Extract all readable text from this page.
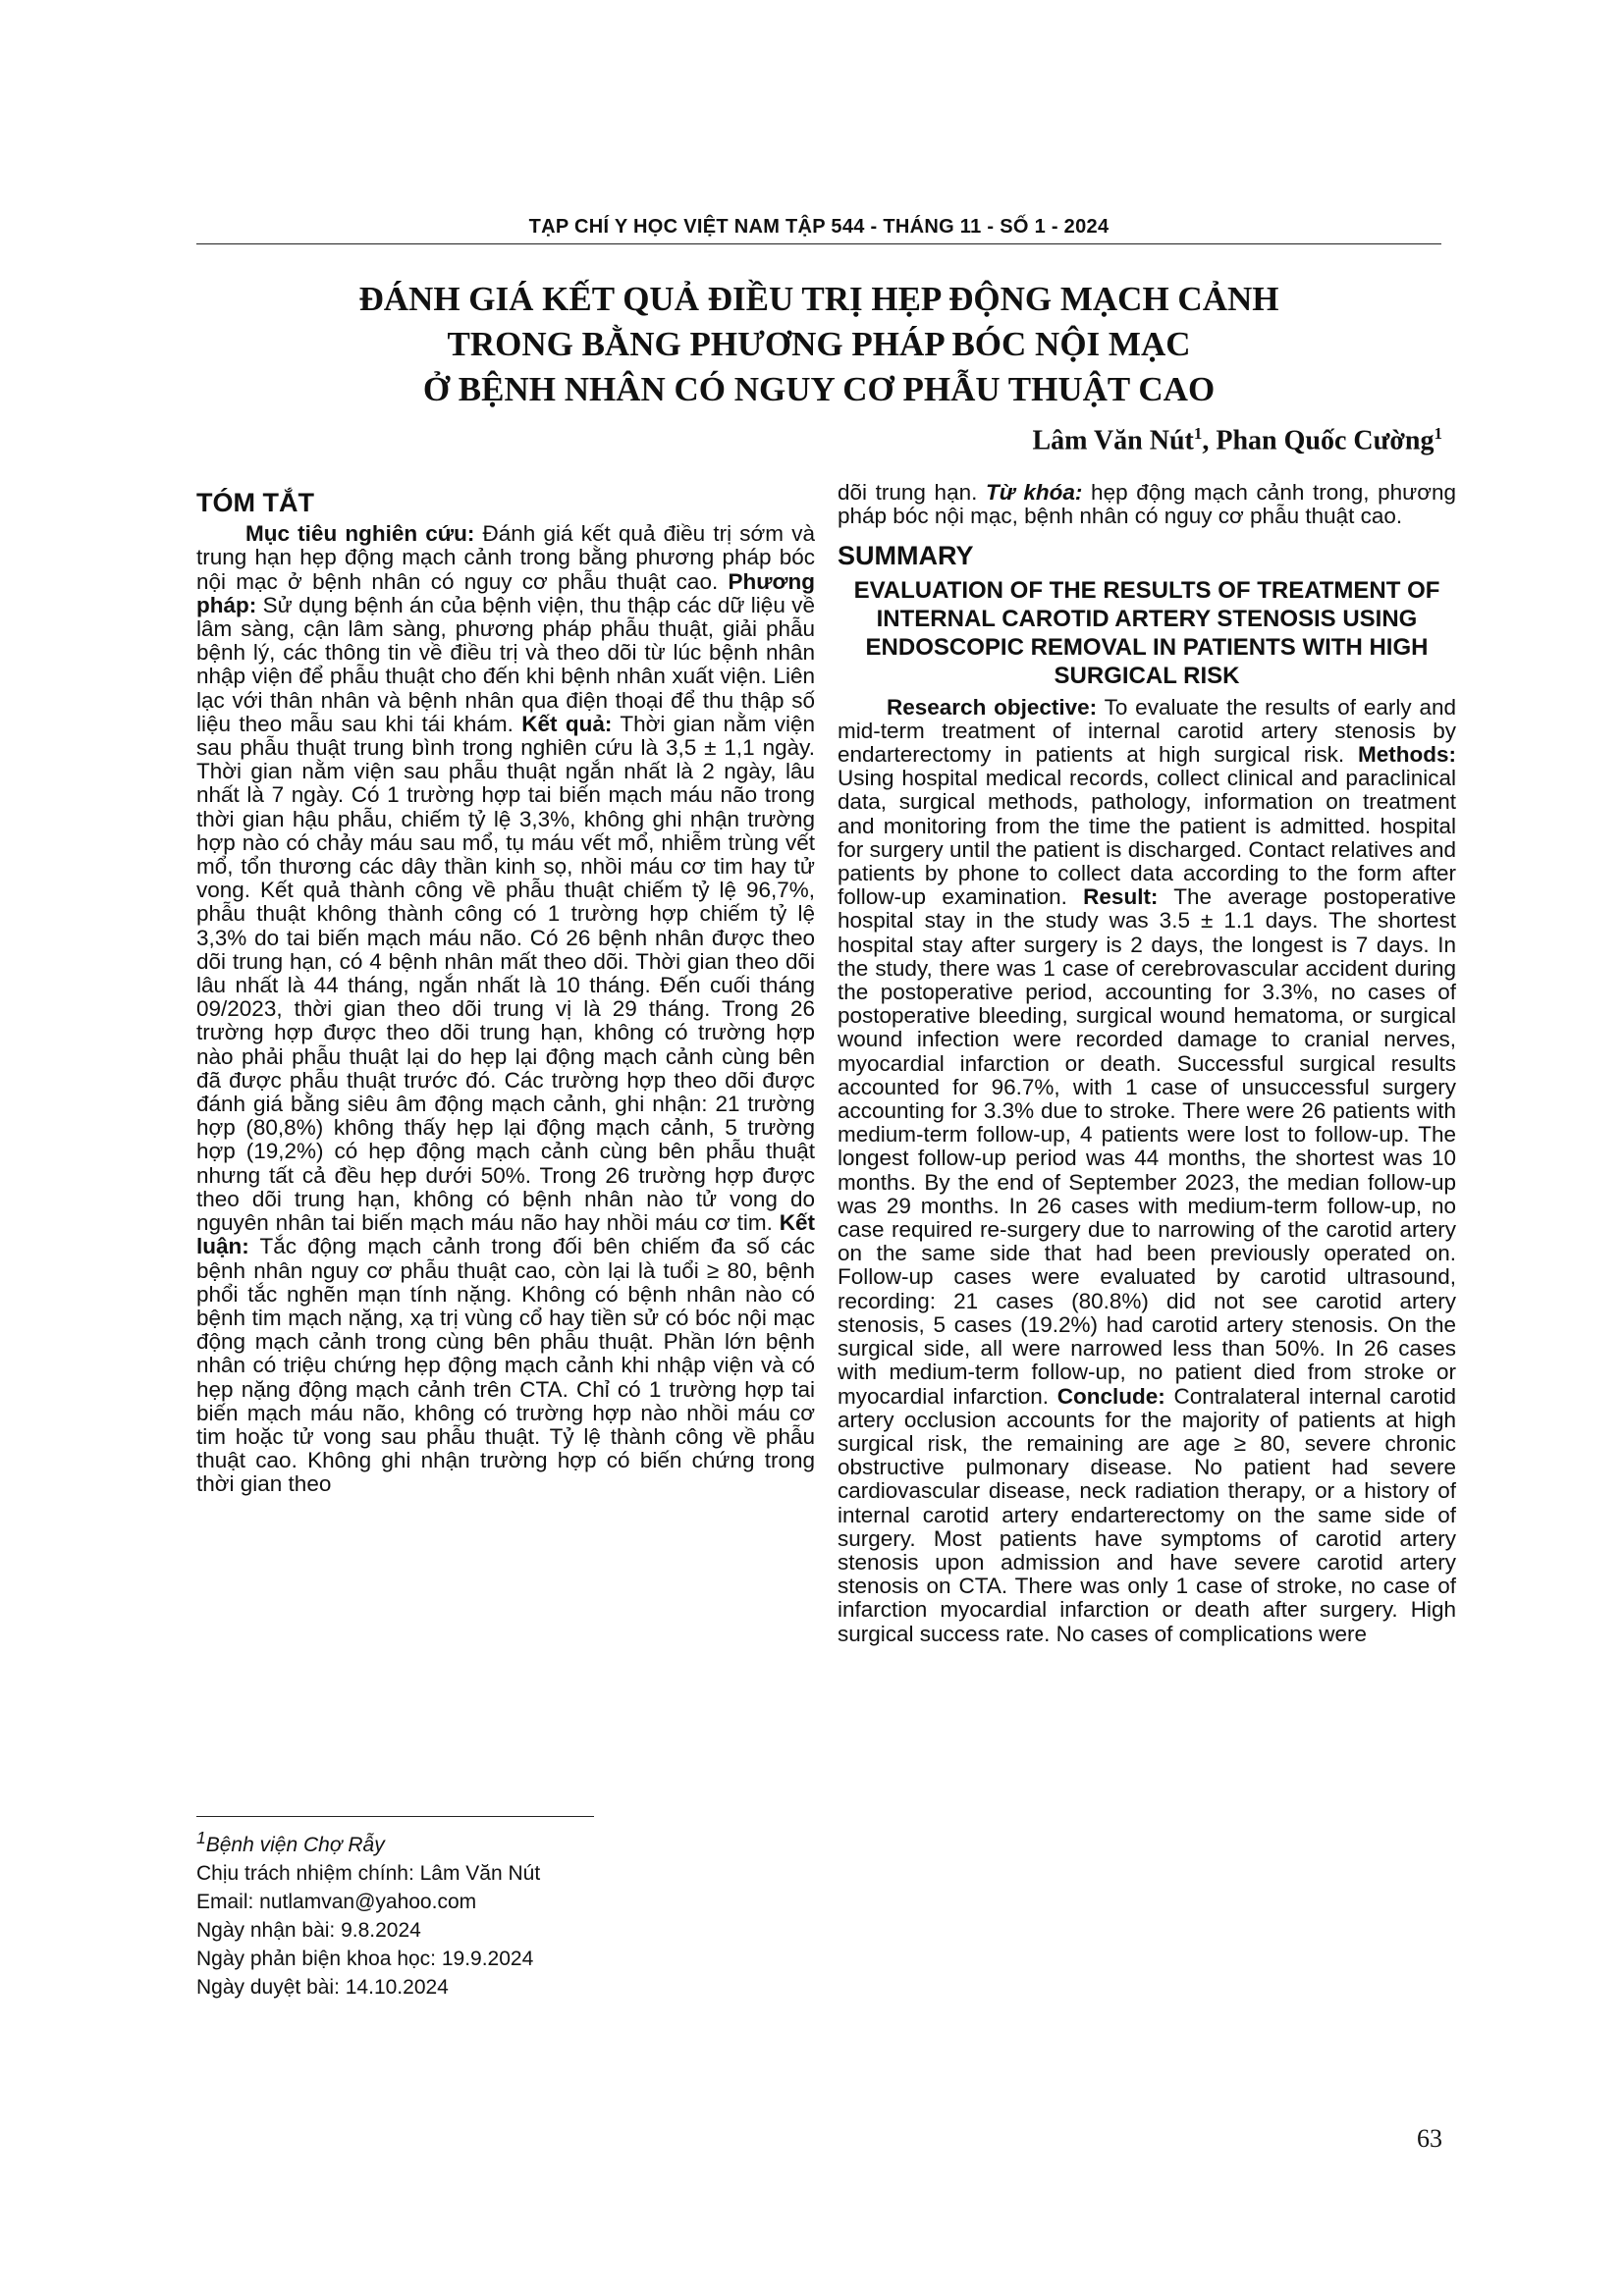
TẠP CHÍ Y HỌC VIỆT NAM TẬP 544 - THÁNG 11 - SỐ 1 - 2024
ĐÁNH GIÁ KẾT QUẢ ĐIỀU TRỊ HẸP ĐỘNG MẠCH CẢNH
TRONG BẰNG PHƯƠNG PHÁP BÓC NỘI MẠC
Ở BỆNH NHÂN CÓ NGUY CƠ PHẪU THUẬT CAO
Lâm Văn Nút$^1$, Phan Quốc Cường$^1$
TÓM TẮT

Mục tiêu nghiên cứu: Đánh giá kết quả điều trị sớm và trung hạn hẹp động mạch cảnh trong bằng phương pháp bóc nội mạc ở bệnh nhân có nguy cơ phẫu thuật cao. Phương pháp: Sử dụng bệnh án của bệnh viện, thu thập các dữ liệu về lâm sàng, cận lâm sàng, phương pháp phẫu thuật, giải phẫu bệnh lý, các thông tin về điều trị và theo dõi từ lúc bệnh nhân nhập viện để phẫu thuật cho đến khi bệnh nhân xuất viện. Liên lạc với thân nhân và bệnh nhân qua điện thoại để thu thập số liệu theo mẫu sau khi tái khám. Kết quả: Thời gian nằm viện sau phẫu thuật trung bình trong nghiên cứu là 3,5 ± 1,1 ngày. Thời gian nằm viện sau phẫu thuật ngắn nhất là 2 ngày, lâu nhất là 7 ngày. Có 1 trường hợp tai biến mạch máu não trong thời gian hậu phẫu, chiếm tỷ lệ 3,3%, không ghi nhận trường hợp nào có chảy máu sau mổ, tụ máu vết mổ, nhiễm trùng vết mổ, tổn thương các dây thần kinh sọ, nhồi máu cơ tim hay tử vong. Kết quả thành công về phẫu thuật chiếm tỷ lệ 96,7%, phẫu thuật không thành công có 1 trường hợp chiếm tỷ lệ 3,3% do tai biến mạch máu não. Có 26 bệnh nhân được theo dõi trung hạn, có 4 bệnh nhân mất theo dõi. Thời gian theo dõi lâu nhất là 44 tháng, ngắn nhất là 10 tháng. Đến cuối tháng 09/2023, thời gian theo dõi trung vị là 29 tháng. Trong 26 trường hợp được theo dõi trung hạn, không có trường hợp nào phải phẫu thuật lại do hẹp lại động mạch cảnh cùng bên đã được phẫu thuật trước đó. Các trường hợp theo dõi được đánh giá bằng siêu âm động mạch cảnh, ghi nhận: 21 trường hợp (80,8%) không thấy hẹp lại động mạch cảnh, 5 trường hợp (19,2%) có hẹp động mạch cảnh cùng bên phẫu thuật nhưng tất cả đều hẹp dưới 50%. Trong 26 trường hợp được theo dõi trung hạn, không có bệnh nhân nào tử vong do nguyên nhân tai biến mạch máu não hay nhồi máu cơ tim. Kết luận: Tắc động mạch cảnh trong đối bên chiếm đa số các bệnh nhân nguy cơ phẫu thuật cao, còn lại là tuổi ≥ 80, bệnh phổi tắc nghẽn mạn tính nặng. Không có bệnh nhân nào có bệnh tim mạch nặng, xạ trị vùng cổ hay tiền sử có bóc nội mạc động mạch cảnh trong cùng bên phẫu thuật. Phần lớn bệnh nhân có triệu chứng hẹp động mạch cảnh khi nhập viện và có hẹp nặng động mạch cảnh trên CTA. Chỉ có 1 trường hợp tai biến mạch máu não, không có trường hợp nào nhồi máu cơ tim hoặc tử vong sau phẫu thuật. Tỷ lệ thành công về phẫu thuật cao. Không ghi nhận trường hợp có biến chứng trong thời gian theo

$^1$Bệnh viện Chợ Rẫy
Chịu trách nhiệm chính: Lâm Văn Nút
Email: nutlamvan@yahoo.com
Ngày nhận bài: 9.8.2024
Ngày phản biện khoa học: 19.9.2024
Ngày duyệt bài: 14.10.2024

dõi trung hạn. Từ khóa: hẹp động mạch cảnh trong, phương pháp bóc nội mạc, bệnh nhân có nguy cơ phẫu thuật cao.

SUMMARY
EVALUATION OF THE RESULTS OF TREATMENT OF INTERNAL CAROTID ARTERY STENOSIS USING ENDOSCOPIC REMOVAL IN PATIENTS WITH HIGH SURGICAL RISK

Research objective: To evaluate the results of early and mid-term treatment of internal carotid artery stenosis by endarterectomy in patients at high surgical risk. Methods: Using hospital medical records, collect clinical and paraclinical data, surgical methods, pathology, information on treatment and monitoring from the time the patient is admitted. hospital for surgery until the patient is discharged. Contact relatives and patients by phone to collect data according to the form after follow-up examination. Result: The average postoperative hospital stay in the study was 3.5 ± 1.1 days. The shortest hospital stay after surgery is 2 days, the longest is 7 days. In the study, there was 1 case of cerebrovascular accident during the postoperative period, accounting for 3.3%, no cases of postoperative bleeding, surgical wound hematoma, or surgical wound infection were recorded damage to cranial nerves, myocardial infarction or death. Successful surgical results accounted for 96.7%, with 1 case of unsuccessful surgery accounting for 3.3% due to stroke. There were 26 patients with medium-term follow-up, 4 patients were lost to follow-up. The longest follow-up period was 44 months, the shortest was 10 months. By the end of September 2023, the median follow-up was 29 months. In 26 cases with medium-term follow-up, no case required re-surgery due to narrowing of the carotid artery on the same side that had been previously operated on. Follow-up cases were evaluated by carotid ultrasound, recording: 21 cases (80.8%) did not see carotid artery stenosis, 5 cases (19.2%) had carotid artery stenosis. On the surgical side, all were narrowed less than 50%. In 26 cases with medium-term follow-up, no patient died from stroke or myocardial infarction. Conclude: Contralateral internal carotid artery occlusion accounts for the majority of patients at high surgical risk, the remaining are age ≥ 80, severe chronic obstructive pulmonary disease. No patient had severe cardiovascular disease, neck radiation therapy, or a history of internal carotid artery endarterectomy on the same side of surgery. Most patients have symptoms of carotid artery stenosis upon admission and have severe carotid artery stenosis on CTA. There was only 1 case of stroke, no case of infarction myocardial infarction or death after surgery. High surgical success rate. No cases of complications were

63
